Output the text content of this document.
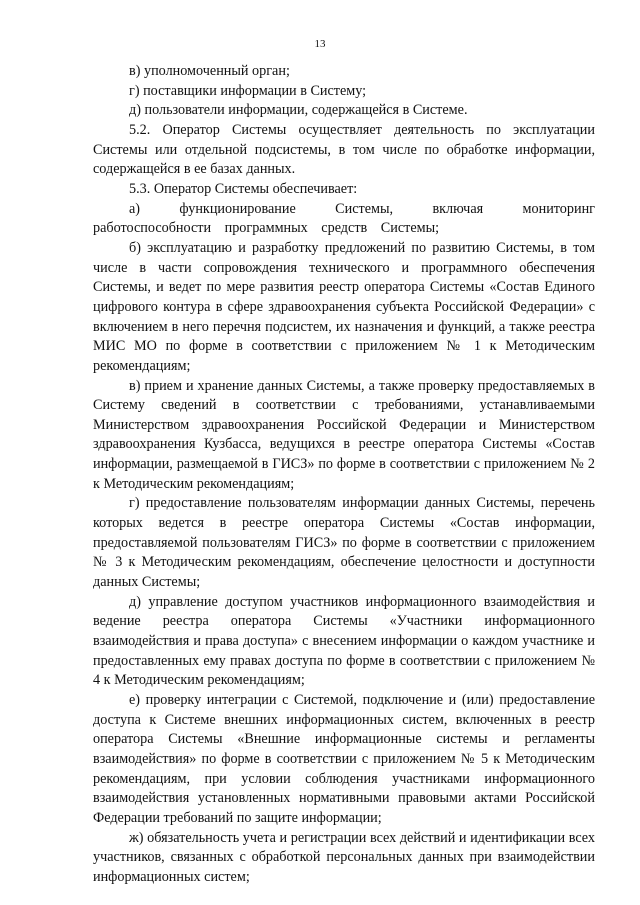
13

в) уполномоченный орган;

г) поставщики информации в Систему;

д) пользователи информации, содержащейся в Системе.

5.2. Оператор Системы осуществляет деятельность по эксплуатации Системы или отдельной подсистемы, в том числе по обработке информации, содержащейся в ее базах данных.

5.3. Оператор Системы обеспечивает:

а) функционирование Системы, включая мониторинг работоспособности программных средств Системы;

б) эксплуатацию и разработку предложений по развитию Системы, в том числе в части сопровождения технического и программного обеспечения Системы, и ведет по мере развития реестр оператора Системы «Состав Единого цифрового контура в сфере здравоохранения субъекта Российской Федерации» с включением в него перечня подсистем, их назначения и функций, а также реестра МИС МО по форме в соответствии с приложением № 1 к Методическим рекомендациям;

в) прием и хранение данных Системы, а также проверку предоставляемых в Систему сведений в соответствии с требованиями, устанавливаемыми Министерством здравоохранения Российской Федерации и Министерством здравоохранения Кузбасса, ведущихся в реестре оператора Системы «Состав информации, размещаемой в ГИСЗ» по форме в соответствии с приложением № 2 к Методическим рекомендациям;

г) предоставление пользователям информации данных Системы, перечень которых ведется в реестре оператора Системы «Состав информации, предоставляемой пользователям ГИСЗ» по форме в соответствии с приложением № 3 к Методическим рекомендациям, обеспечение целостности и доступности данных Системы;

д) управление доступом участников информационного взаимодействия и ведение реестра оператора Системы «Участники информационного взаимодействия и права доступа» с внесением информации о каждом участнике и предоставленных ему правах доступа по форме в соответствии с приложением № 4 к Методическим рекомендациям;

е) проверку интеграции с Системой, подключение и (или) предоставление доступа к Системе внешних информационных систем, включенных в реестр оператора Системы «Внешние информационные системы и регламенты взаимодействия» по форме в соответствии с приложением № 5 к Методическим рекомендациям, при условии соблюдения участниками информационного взаимодействия установленных нормативными правовыми актами Российской Федерации требований по защите информации;

ж) обязательность учета и регистрации всех действий и идентификации всех участников, связанных с обработкой персональных данных при взаимодействии информационных систем;
